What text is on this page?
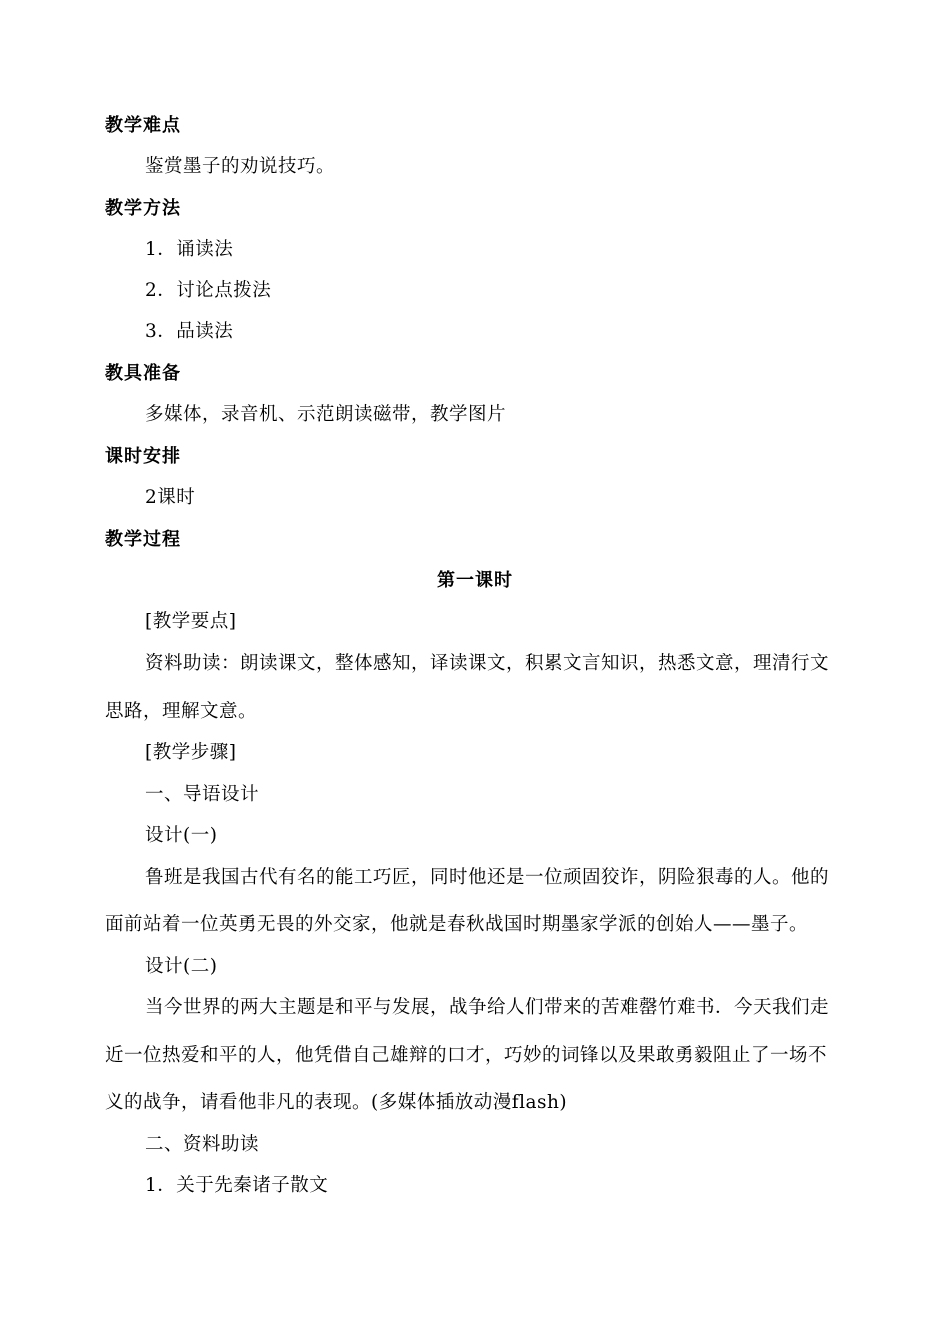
教学难点
鉴赏墨子的劝说技巧。
教学方法
1．诵读法
2．讨论点拨法
3．品读法
教具准备
多媒体，录音机、示范朗读磁带，教学图片
课时安排
2课时
教学过程
第一课时
[教学要点]
资料助读：朗读课文，整体感知，译读课文，积累文言知识，热悉文意，理清行文
思路，理解文意。
[教学步骤]
一、导语设计
设计(一)
鲁班是我国古代有名的能工巧匠，同时他还是一位顽固狡诈，阴险狠毒的人。他的
面前站着一位英勇无畏的外交家，他就是春秋战国时期墨家学派的创始人——墨子。
设计(二)
当今世界的两大主题是和平与发展，战争给人们带来的苦难罄竹难书．今天我们走
近一位热爱和平的人，他凭借自己雄辩的口才，巧妙的词锋以及果敢勇毅阻止了一场不
义的战争，请看他非凡的表现。(多媒体插放动漫flash)
二、资料助读
1．关于先秦诸子散文
